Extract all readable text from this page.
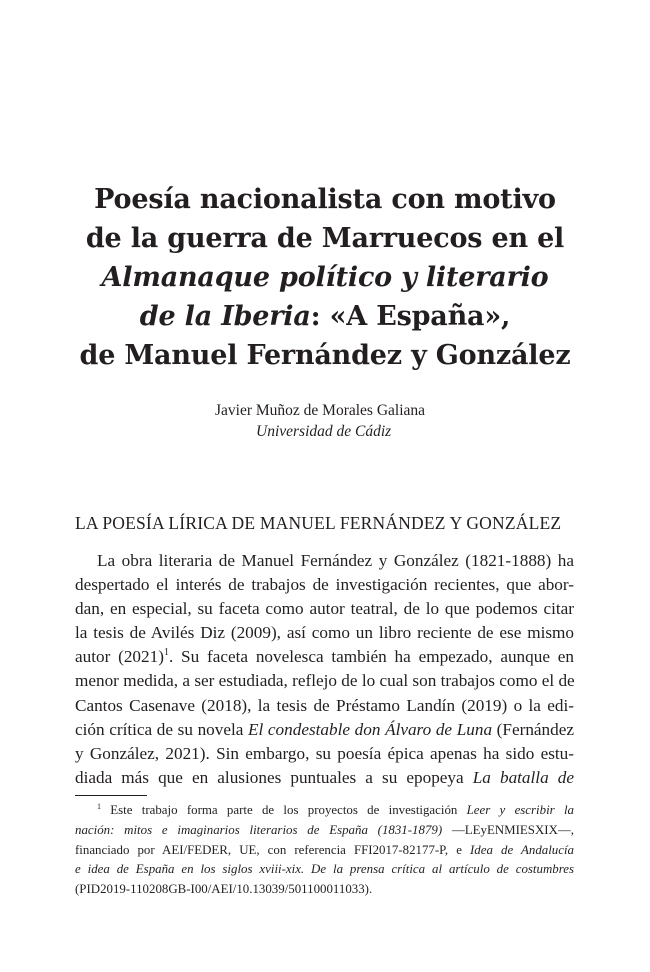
Poesía nacionalista con motivo
de la guerra de Marruecos en el
Almanaque político y literario
de la Iberia: «A España»,
de Manuel Fernández y González
Javier Muñoz de Morales Galiana
Universidad de Cádiz
LA POESÍA LÍRICA DE MANUEL FERNÁNDEZ Y GONZÁLEZ
La obra literaria de Manuel Fernández y González (1821-1888) ha
despertado el interés de trabajos de investigación recientes, que abor-
dan, en especial, su faceta como autor teatral, de lo que podemos citar
la tesis de Avilés Diz (2009), así como un libro reciente de ese mismo
autor $(2021)^1$. Su faceta novelesca también ha empezado, aunque en
menor medida, a ser estudiada, reflejo de lo cual son trabajos como el de
Cantos Casenave (2018), la tesis de Préstamo Landín (2019) o la edi-
ción crítica de su novela El condestable don Álvaro de Luna (Fernández
y González, 2021). Sin embargo, su poesía épica apenas ha sido estu-
diada más que en alusiones puntuales a su epopeya La batalla de
$^1$ Este trabajo forma parte de los proyectos de investigación Leer y escribir la
nación: mitos e imaginarios literarios de España (1831-1879) —LEyENMIESXIX—,
financiado por AEI/FEDER, UE, con referencia FFI2017-82177-P, e Idea de Andalucía
e idea de España en los siglos xviii-xix. De la prensa crítica al artículo de costumbres
(PID2019-110208GB-I00/AEI/10.13039/501100011033).
